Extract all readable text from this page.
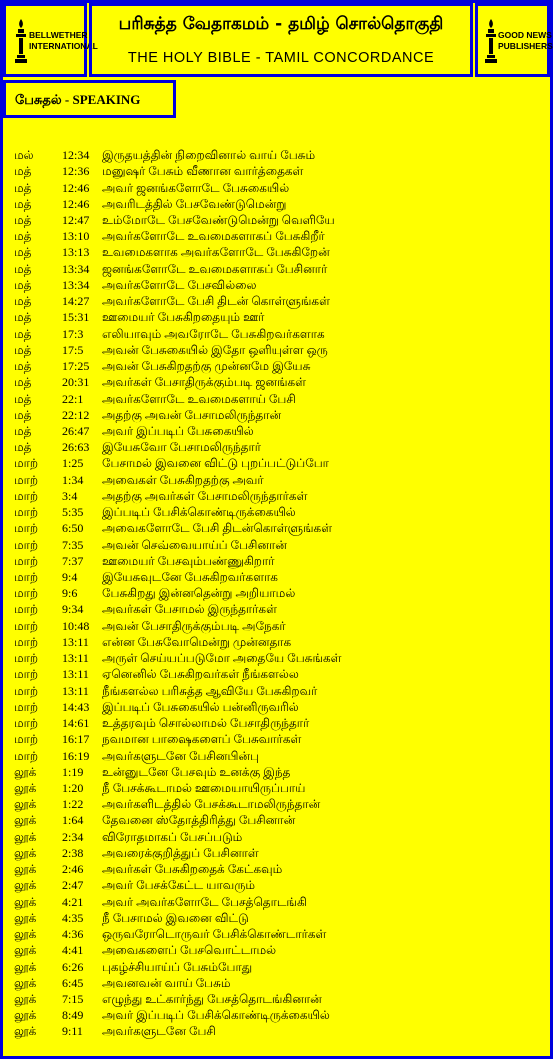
BELLWETHER
INTERNATIONAL
பரிசுத்த வேதாகமம் - தமிழ் சொல்தொகுதி
THE HOLY BIBLE - TAMIL CONCORDANCE
GOOD NEWS
PUBLISHERS
பேசுதல் - SPEAKING
மல் 12:34 இருதயத்தின் நிறைவினால் வாய் பேசும்
மத்	12:36 மனுஷர் பேசும் வீணான வார்த்தைகள்
மத்	12:46 அவர் ஜனங்களோடே பேசுகையில்
மத்	12:46 அவரிடத்தில் பேசவேண்டுமென்று
மத்	12:47 உம்மோடே பேசவேண்டுமென்று வெளியே
மத்	13:10 அவர்களோடே உவமைகளாகப் பேசுகிறீர்
மத்	13:13 உவமைகளாக அவர்களோடே பேசுகிறேன்
மத்	13:34 ஜனங்களோடே உவமைகளாகப் பேசினார்
மத்	13:34 அவர்களோடே பேசவில்லை
மத்	14:27 அவர்களோடே பேசி திடன் கொள்ளுங்கள்
மத்	15:31 ஊமையர் பேசுகிறதையும் ஊர்
மத்	17:3 எலியாவும் அவரோடே பேசுகிறவர்களாக
மத்	17:5 அவன் பேசுகையில் இதோ ஒளியுள்ள ஒரு
மத்	17:25 அவன் பேசுகிறதற்கு முன்னமே இயேசு
மத்	20:31 அவர்கள் பேசாதிருக்கும்படி ஜனங்கள்
மத்	22:1 அவர்களோடே உவமைகளாய் பேசி
மத்	22:12 அதற்கு அவன் பேசாமலிருந்தான்
மத்	26:47 அவர் இப்படிப் பேசுகையில்
மத்	26:63 இயேசுவோ பேசாமலிருந்தார்
மாற் 1:25 பேசாமல் இவனை விட்டு புறப்பட்டுப்போ
மாற் 1:34 அவைகள் பேசுகிறதற்கு அவர்
மாற் 3:4 அதற்கு அவர்கள் பேசாமலிருந்தார்கள்
மாற் 5:35 இப்படிப் பேசிக்கொண்டிருக்கையில்
மாற் 6:50 அவைகளோடே பேசி திடன்கொள்ளுங்கள்
மாற் 7:35 அவன் செவ்வையாய்ப் பேசினான்
மாற் 7:37 ஊமையர் பேசவும்பண்ணுகிறார்
மாற் 9:4 இயேசுவுடனே பேசுகிறவர்களாக
மாற் 9:6 பேசுகிறது இன்னதென்று அறியாமல்
மாற் 9:34 அவர்கள் பேசாமல் இருந்தார்கள்
மாற் 10:48 அவன் பேசாதிருக்கும்படி அநேகர்
மாற் 13:11 என்ன பேசுவோமென்று முன்னதாக
மாற் 13:11 அருள் செய்யப்படுமோ அதையே பேசுங்கள்
மாற் 13:11 ஏனெனில் பேசுகிறவர்கள் நீங்களல்ல
மாற் 13:11 நீங்களல்ல பரிசுத்த ஆவியே பேசுகிறவர்
மாற் 14:43 இப்படிப் பேசுகையில் பன்னிருவரில்
மாற் 14:61 உத்தரவும் சொல்லாமல் பேசாதிருந்தார்
மாற் 16:17 நவமான பாஷைகளைப் பேசுவார்கள்
மாற் 16:19 அவர்களுடனே பேசினபின்பு
லூக் 1:19 உன்னுடனே பேசவும் உனக்கு இந்த
லூக் 1:20 நீ பேசக்கூடாமல் ஊமையாயிருப்பாய்
லூக் 1:22 அவர்களிடத்தில் பேசக்கூடாமலிருந்தான்
லூக் 1:64 தேவனை ஸ்தோத்திரித்து பேசினான்
லூக் 2:34 விரோதமாகப் பேசப்படும்
லூக் 2:38 அவரைக்குறித்துப் பேசினாள்
லூக் 2:46 அவர்கள் பேசுகிறதைக் கேட்கவும்
லூக் 2:47 அவர் பேசக்கேட்ட யாவரும்
லூக் 4:21 அவர் அவர்களோடே பேசத்தொடங்கி
லூக் 4:35 நீ பேசாமல் இவனை விட்டு
லூக் 4:36 ஒருவரோடொருவர் பேசிக்கொண்டார்கள்
லூக் 4:41 அவைகளைப் பேசவொட்டாமல்
லூக் 6:26 புகழ்ச்சியாய்ப் பேசும்போது
லூக் 6:45 அவனவன் வாய் பேசும்
லூக் 7:15 எழுந்து உட்கார்ந்து பேசத்தொடங்கினான்
லூக் 8:49 அவர் இப்படிப் பேசிக்கொண்டிருக்கையில்
லூக் 9:11 அவர்களுடனே பேசி
